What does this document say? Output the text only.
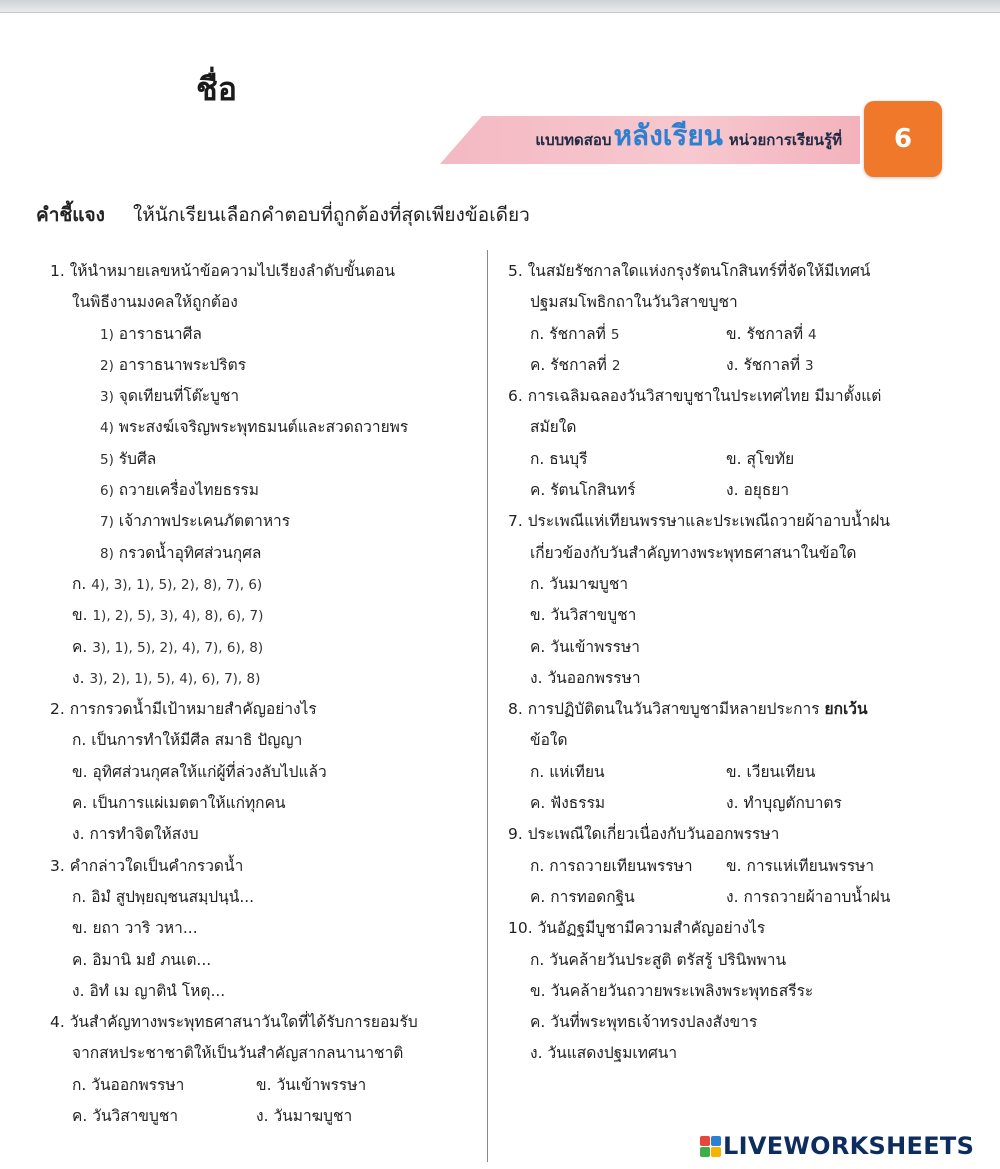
ชื่อ
แบบทดสอบหลังเรียน หน่วยการเรียนรู้ที่	6
คำชี้แจง ให้นักเรียนเลือกคำตอบที่ถูกต้องที่สุดเพียงข้อเดียว
1. ให้นำหมายเลขหน้าข้อความไปเรียงลำดับขั้นตอน
ในพิธีงานมงคลให้ถูกต้อง
1) อาราธนาศีล
2) อาราธนาพระปริตร
3) จุดเทียนที่โต๊ะบูชา
4) พระสงฆ์เจริญพระพุทธมนต์และสวดถวายพร
5) รับศีล
6) ถวายเครื่องไทยธรรม
7) เจ้าภาพประเคนภัตตาหาร
8) กรวดน้ำอุทิศส่วนกุศล
ก. 4), 3), 1), 5), 2), 8), 7), 6)
ข. 1), 2), 5), 3), 4), 8), 6), 7)
ค. 3), 1), 5), 2), 4), 7), 6), 8)
ง. 3), 2), 1), 5), 4), 6), 7), 8)
2. การกรวดน้ำมีเป้าหมายสำคัญอย่างไร
ก. เป็นการทำให้มีศีล สมาธิ ปัญญา
ข. อุทิศส่วนกุศลให้แก่ผู้ที่ล่วงลับไปแล้ว
ค. เป็นการแผ่เมตตาให้แก่ทุกคน
ง. การทำจิตให้สงบ
3. คำกล่าวใดเป็นคำกรวดน้ำ
ก. อิมํ สูปพฺยญฺชนสมฺปนฺนํ...
ข. ยถา วาริ วหา...
ค. อิมานิ มยํ ภนเต...
ง. อิทํ เม ญาตินํ โหตุ...
4. วันสำคัญทางพระพุทธศาสนาวันใดที่ได้รับการยอมรับ
จากสหประชาชาติให้เป็นวันสำคัญสากลนานาชาติ
ก. วันออกพรรษา	ข. วันเข้าพรรษา
ค. วันวิสาขบูชา	ง. วันมาฆบูชา
5. ในสมัยรัชกาลใดแห่งกรุงรัตนโกสินทร์ที่จัดให้มีเทศน์
ปฐมสมโพธิกถาในวันวิสาขบูชา
ก. รัชกาลที่ 5	ข. รัชกาลที่ 4
ค. รัชกาลที่ 2	ง. รัชกาลที่ 3
6. การเฉลิมฉลองวันวิสาขบูชาในประเทศไทย มีมาตั้งแต่
สมัยใด
ก. ธนบุรี	ข. สุโขทัย
ค. รัตนโกสินทร์	ง. อยุธยา
7. ประเพณีแห่เทียนพรรษาและประเพณีถวายผ้าอาบน้ำฝน
เกี่ยวข้องกับวันสำคัญทางพระพุทธศาสนาในข้อใด
ก. วันมาฆบูชา
ข. วันวิสาขบูชา
ค. วันเข้าพรรษา
ง. วันออกพรรษา
8. การปฏิบัติตนในวันวิสาขบูชามีหลายประการ ยกเว้น
ข้อใด
ก. แห่เทียน	ข. เวียนเทียน
ค. ฟังธรรม	ง. ทำบุญตักบาตร
9. ประเพณีใดเกี่ยวเนื่องกับวันออกพรรษา
ก. การถวายเทียนพรรษา	ข. การแห่เทียนพรรษา
ค. การทอดกฐิน	ง. การถวายผ้าอาบน้ำฝน
10. วันอัฏฐมีบูชามีความสำคัญอย่างไร
ก. วันคล้ายวันประสูติ ตรัสรู้ ปรินิพพาน
ข. วันคล้ายวันถวายพระเพลิงพระพุทธสรีระ
ค. วันที่พระพุทธเจ้าทรงปลงสังขาร
ง. วันแสดงปฐมเทศนา
LIVEWORKSHEETS
